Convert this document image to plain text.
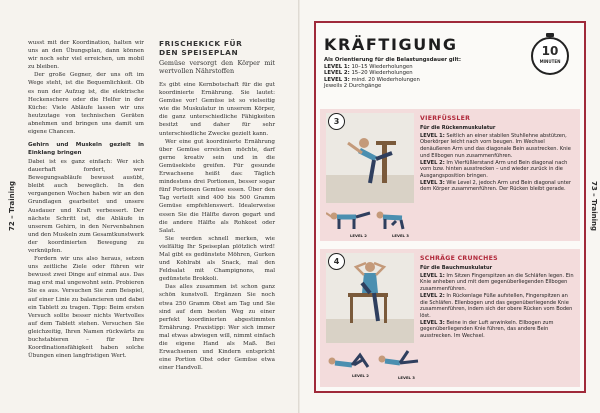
72 – Training

wusst mit der Koordination, halten wir uns an den Übungsplan, dann können wir noch sehr viel erreichen, um mobil zu bleiben.

Der große Gegner, der uns oft im Wege steht, ist die Bequemlichkeit. Ob es nun der Aufzug ist, die elektrische Heckenschere oder die Helfer in der Küche: Viele Abläufe lassen wir uns heutzutage von technischen Geräten abnehmen und bringen uns damit um eigene Chancen.

Gehirn und Muskeln gezielt in Einklang bringen

Dabei ist es ganz einfach: Wer sich dauerhaft fordert, wer Bewegungsabläufe bewusst ausübt, bleibt auch beweglich. In den vergangenen Wochen haben wir an den Grundlagen gearbeitet und unsere Ausdauer und Kraft verbessert. Der nächste Schritt ist, die Abläufe in unserem Gehirn, in den Nervenbahnen und den Muskeln zum Gesamtkunstwerk der koordinierten Bewegung zu verknüpfen.

Fordern wir uns also heraus, setzen uns zeitliche Ziele oder führen wir bewusst zwei Dinge auf einmal aus. Das mag erst mal ungewohnt sein. Probieren Sie es aus. Versuchen Sie zum Beispiel, auf einer Linie zu balancieren und dabei ein Tablett zu tragen. Tipp: Beim ersten Versuch sollte besser nichts Wertvolles auf dem Tablett stehen. Versuchen Sie gleichzeitig, Ihren Namen rückwärts zu buchstabieren – für Ihre Koordinationsfähigkeit haben solche Übungen einen langfristigen Wert.

FRISCHEKICK FÜR
DEN SPEISEPLAN
Gemüse versorgt den Körper mit wertvollen Nährstoffen

Es gibt eine Kernbotschaft für die gut koordinierte Ernährung. Sie lautet: Gemüse vor! Gemüse ist so vielseitig wie die Muskulatur in unserem Körper, die ganz unterschiedliche Fähigkeiten besitzt und daher für sehr unterschiedliche Zwecke gezielt kann.

Wer eine gut koordinierte Ernährung über Gemüse erreichen möchte, darf gerne kreativ sein und in die Gemüsekiste greifen. Für gesunde Erwachsene heißt das: Täglich mindestens drei Portionen, besser sogar fünf Portionen Gemüse essen. Über den Tag verteilt sind 400 bis 500 Gramm Gemüse empfehlenswert. Idealerweise essen Sie die Hälfte davon gegart und die andere Hälfte als Rohkost oder Salat.

Sie werden schnell merken, wie vielfältig Ihr Speiseplan plötzlich wird! Mal gibt es gedünstete Möhren, Gurken und Kohlrabi als Snack, mal den Feldsalat mit Champignons, mal gedünstete Brokkoli.

Das alles zusammen ist schon ganz schön kunstvoll. Ergänzen Sie noch etwa 250 Gramm Obst am Tag und Sie sind auf dem besten Weg zu einer perfekt koordinierten abgestimmten Ernährung. Praxistipp: Wer sich immer mal etwas abwiegen will, nimmt einfach die eigene Hand als Maß. Bei Erwachsenen und Kindern entspricht eine Portion Obst oder Gemüse etwa einer Handvoll.

73 – Training
KRÄFTIGUNG
Als Orientierung für die Belastungsdauer gilt:
LEVEL 1: 10–15 Wiederholungen
LEVEL 2: 15–20 Wiederholungen
LEVEL 3: mind. 20 Wiederholungen
Jeweils 2 Durchgänge
10
MINUTEN
3	VIERFÜSSLER
Für die Rückenmuskulatur
LEVEL 1: Seitlich an einer stabilen Stuhllehne abstützen, Oberkörper leicht nach vorn beugen. Im Wechsel denäußeren Arm und das diagonale Bein ausstrecken. Knie und Ellbogen nun zusammenführen.
LEVEL 2: Im Vierfüßlerstand Arm und Bein diagonal nach vorn bzw. hinten ausstrecken – und wieder zurück in die Ausgangsposition bringen.
LEVEL 3: Wie Level 2, jedoch Arm und Bein diagonal unter dem Körper zusammenführen. Der Rücken bleibt gerade.
LEVEL 2	LEVEL 3
4	SCHRÄGE CRUNCHES
Für die Bauchmuskulatur
LEVEL 1: Im Sitzen Fingerspitzen an die Schläfen legen. Ein Knie anheben und mit dem gegenüberliegenden Ellbogen zusammenführen.
LEVEL 2: In Rückenlage Füße aufstellen, Fingerspitzen an die Schläfen. Ellenbogen und das gegenüberliegende Knie zusammenführen, indem sich der obere Rücken vom Boden löst.
LEVEL 3: Beine in der Luft anwinkeln. Ellbogen zum gegenüberliegenden Knie führen, das andere Bein ausstrecken. Im Wechsel.
LEVEL 2	LEVEL 3
